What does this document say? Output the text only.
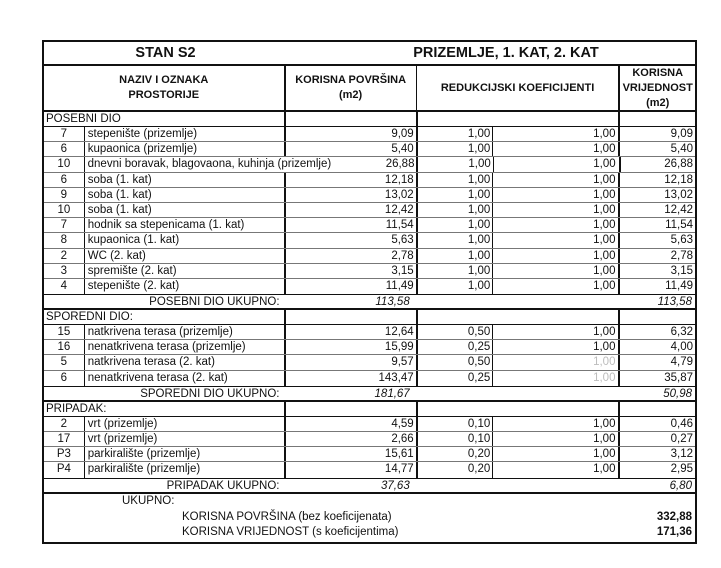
STAN S2	PRIZEMLJE, 1. KAT, 2. KAT
NAZIV I OZNAKA
PROSTORIJE
KORISNA POVRŠINA (m2)
REDUKCIJSKI KOEFICIJENTI
KORISNA
VRIJEDNOST
(m2)
POSEBNI DIO
7	stepenište (prizemlje)	9,09	1,00	1,00	9,09
6	kupaonica (prizemlje)	5,40	1,00	1,00	5,40
10	dnevni boravak, blagovaona, kuhinja (prizemlje)	26,88	1,00	1,00	26,88
6	soba (1. kat)	12,18	1,00	1,00	12,18
9	soba (1. kat)	13,02	1,00	1,00	13,02
10	soba (1. kat)	12,42	1,00	1,00	12,42
7	hodnik sa stepenicama (1. kat)	11,54	1,00	1,00	11,54
8	kupaonica (1. kat)	5,63	1,00	1,00	5,63
2	WC (2. kat)	2,78	1,00	1,00	2,78
3	spremište (2. kat)	3,15	1,00	1,00	3,15
4	stepenište (2. kat)	11,49	1,00	1,00	11,49
POSEBNI DIO UKUPNO:	113,58	113,58
SPOREDNI DIO:
15	natkrivena terasa (prizemlje)	12,64	0,50	1,00	6,32
16	nenatkrivena terasa (prizemlje)	15,99	0,25	1,00	4,00
5	natkrivena terasa (2. kat)	9,57	0,50	1,00	4,79
6	nenatkrivena terasa (2. kat)	143,47	0,25	1,00	35,87
SPOREDNI DIO UKUPNO:	181,67	50,98
PRIPADAK:
2	vrt (prizemlje)	4,59	0,10	1,00	0,46
17	vrt (prizemlje)	2,66	0,10	1,00	0,27
P3	parkiralište (prizemlje)	15,61	0,20	1,00	3,12
P4	parkiralište (prizemlje)	14,77	0,20	1,00	2,95
PRIPADAK UKUPNO:	37,63	6,80
UKUPNO:
KORISNA POVRŠINA (bez koeficijenata)	332,88
KORISNA VRIJEDNOST (s koeficijentima)	171,36
